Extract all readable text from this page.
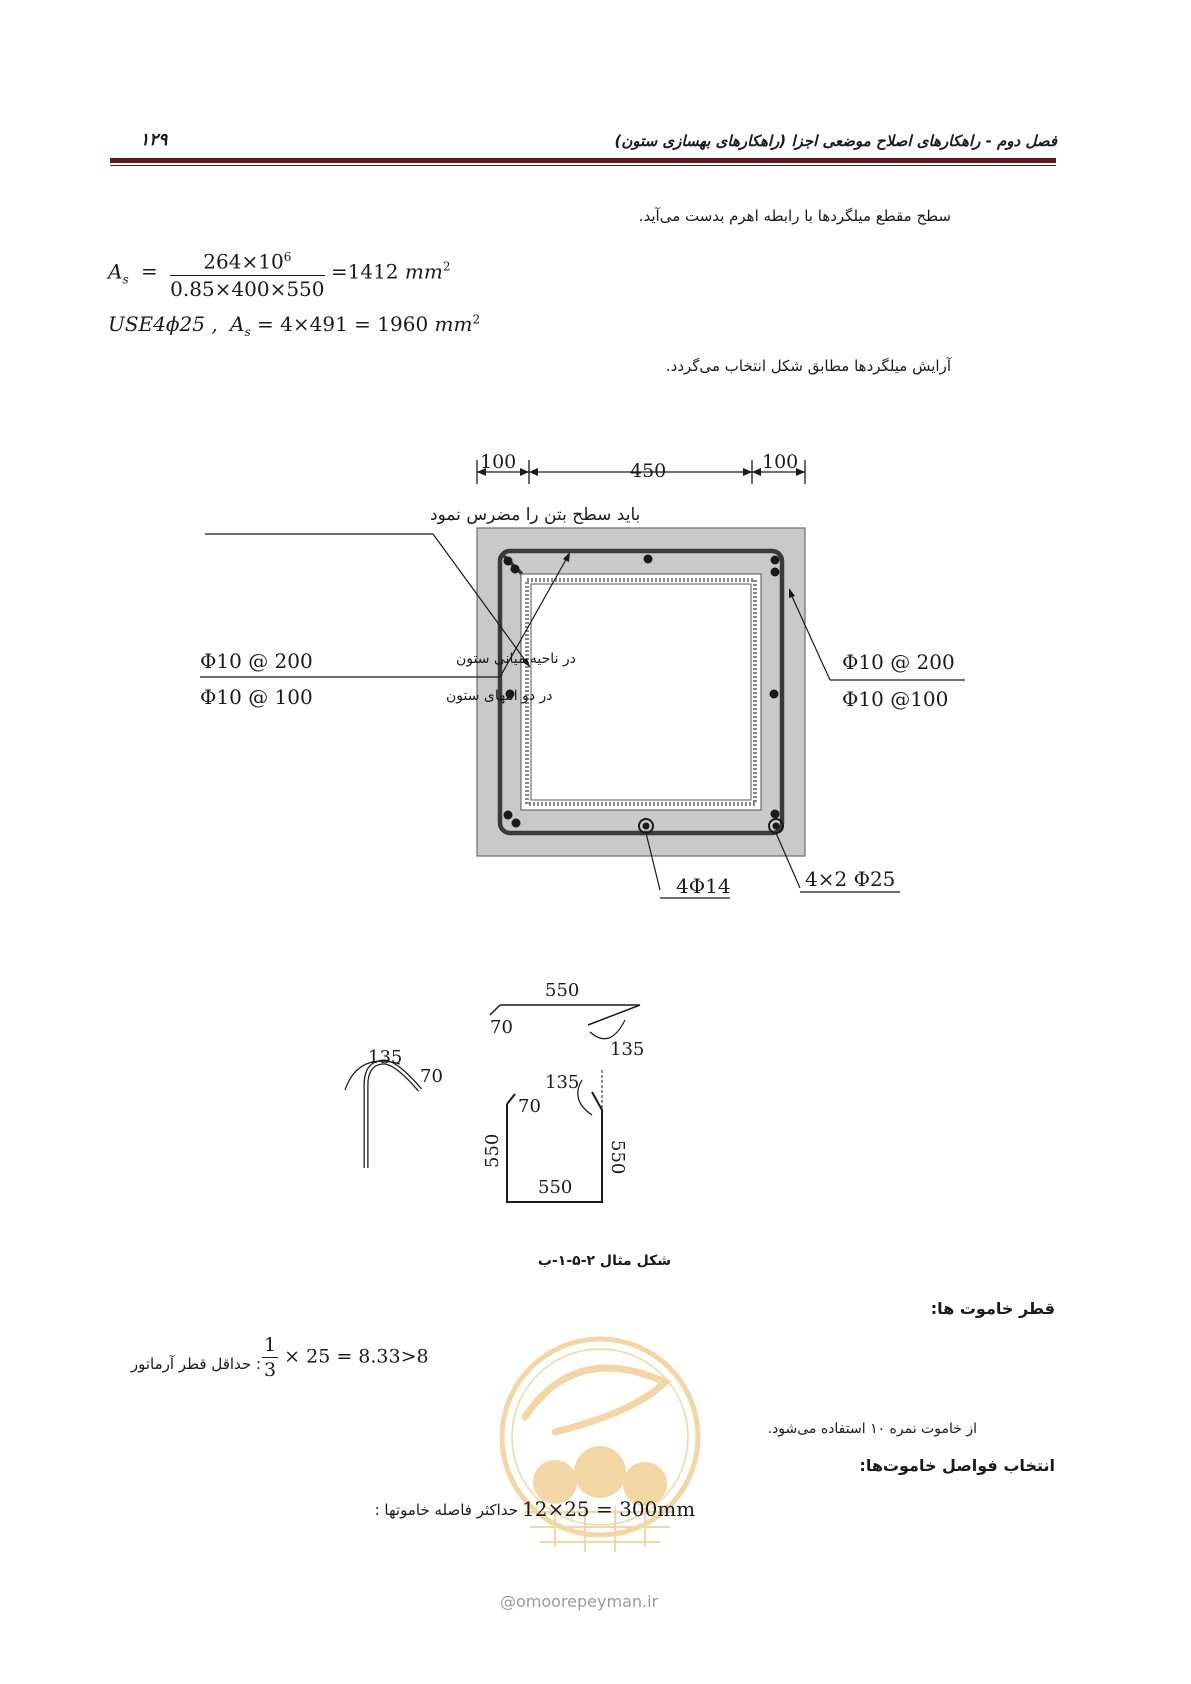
فصل دوم - راهکارهای اصلاح موضعی اجزا (راهکارهای بهسازی ستون)
۱۲۹
سطح مقطع میلگردها با رابطه اهرم بدست می‌آید.
$A_s = \frac{264\times 10^6}{0.85\times 400\times 550} =1412$ $mm^2$
USE4ϕ25 , $A_s = 4\times 491 = 1960$ $mm^2$
آرایش میلگردها مطابق شکل انتخاب می‌گردد.
100	450	100
باید سطح بتن را مضرس نمود
Φ10 @ 200	در ناحیه میانی ستون
Φ10 @ 100	در دو انتهای ستون
Φ10 @ 200
Φ10 @100
4Φ14	4×2 Φ25
550
70
135
135
70	135
70
550	550
550
شکل مثال ۲-۵-۱-ب
قطر خاموت ها:
$\frac{1}{3} \times 25 = 8.33>8$
: حداقل قطر آرماتور
@omoorepeyman.ir
از خاموت نمره ۱۰ استفاده می‌شود.
انتخاب فواصل خاموت‌ها:
12×25 = 300mm
حداکثر فاصله خاموتها :
